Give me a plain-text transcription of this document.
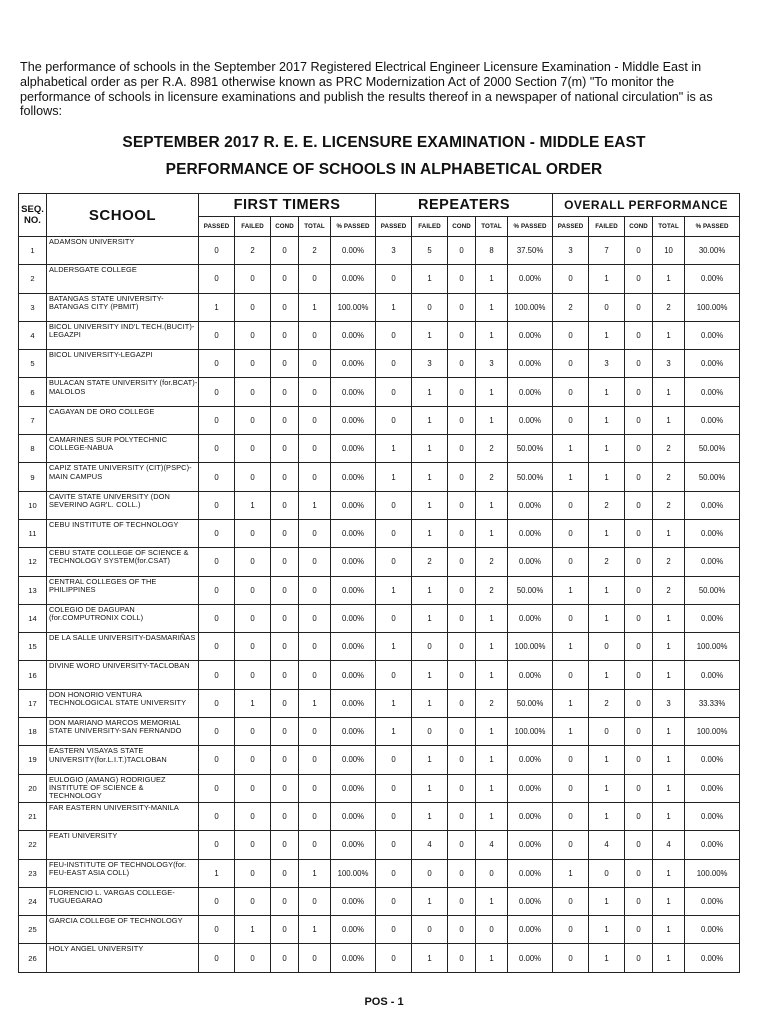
The performance of schools in the September 2017 Registered Electrical Engineer Licensure Examination - Middle East in alphabetical order as per R.A. 8981 otherwise known as PRC Modernization Act of 2000 Section 7(m) "To monitor the performance of schools in licensure examinations and publish the results thereof in a newspaper of national circulation" is as follows:
SEPTEMBER 2017 R. E. E. LICENSURE EXAMINATION - MIDDLE EAST
PERFORMANCE OF SCHOOLS IN ALPHABETICAL ORDER
SEQ.
NO.	SCHOOL	FIRST TIMERS					REPEATERS					OVERALL PERFORMANCE				
		PASSED	FAILED	COND	TOTAL	% PASSED	PASSED	FAILED	COND	TOTAL	% PASSED	PASSED	FAILED	COND	TOTAL	% PASSED
1	ADAMSON UNIVERSITY	0	2	0	2	0.00%	3	5	0	8	37.50%	3	7	0	10	30.00%
2	ALDERSGATE COLLEGE	0	0	0	0	0.00%	0	1	0	1	0.00%	0	1	0	1	0.00%
3	BATANGAS STATE UNIVERSITY-BATANGAS CITY (PBMIT)	1	0	0	1	100.00%	1	0	0	1	100.00%	2	0	0	2	100.00%
4	BICOL UNIVERSITY IND'L TECH.(BUCIT)-LEGAZPI	0	0	0	0	0.00%	0	1	0	1	0.00%	0	1	0	1	0.00%
5	BICOL UNIVERSITY-LEGAZPI	0	0	0	0	0.00%	0	3	0	3	0.00%	0	3	0	3	0.00%
6	BULACAN STATE UNIVERSITY (for.BCAT)-MALOLOS	0	0	0	0	0.00%	0	1	0	1	0.00%	0	1	0	1	0.00%
7	CAGAYAN DE ORO COLLEGE	0	0	0	0	0.00%	0	1	0	1	0.00%	0	1	0	1	0.00%
8	CAMARINES SUR POLYTECHNIC COLLEGE-NABUA	0	0	0	0	0.00%	1	1	0	2	50.00%	1	1	0	2	50.00%
9	CAPIZ STATE UNIVERSITY (CIT)(PSPC)-MAIN CAMPUS	0	0	0	0	0.00%	1	1	0	2	50.00%	1	1	0	2	50.00%
10	CAVITE STATE UNIVERSITY (DON SEVERINO AGR'L. COLL.)	0	1	0	1	0.00%	0	1	0	1	0.00%	0	2	0	2	0.00%
11	CEBU INSTITUTE OF TECHNOLOGY	0	0	0	0	0.00%	0	1	0	1	0.00%	0	1	0	1	0.00%
12	CEBU STATE COLLEGE OF SCIENCE & TECHNOLOGY SYSTEM(for.CSAT)	0	0	0	0	0.00%	0	2	0	2	0.00%	0	2	0	2	0.00%
13	CENTRAL COLLEGES OF THE PHILIPPINES	0	0	0	0	0.00%	1	1	0	2	50.00%	1	1	0	2	50.00%
14	COLEGIO DE DAGUPAN (for.COMPUTRONIX COLL)	0	0	0	0	0.00%	0	1	0	1	0.00%	0	1	0	1	0.00%
15	DE LA SALLE UNIVERSITY-DASMARIÑAS	0	0	0	0	0.00%	1	0	0	1	100.00%	1	0	0	1	100.00%
16	DIVINE WORD UNIVERSITY-TACLOBAN	0	0	0	0	0.00%	0	1	0	1	0.00%	0	1	0	1	0.00%
17	DON HONORIO VENTURA TECHNOLOGICAL STATE UNIVERSITY	0	1	0	1	0.00%	1	1	0	2	50.00%	1	2	0	3	33.33%
18	DON MARIANO MARCOS MEMORIAL STATE UNIVERSITY-SAN FERNANDO	0	0	0	0	0.00%	1	0	0	1	100.00%	1	0	0	1	100.00%
19	EASTERN VISAYAS STATE UNIVERSITY(for.L.I.T.)TACLOBAN	0	0	0	0	0.00%	0	1	0	1	0.00%	0	1	0	1	0.00%
20	EULOGIO (AMANG) RODRIGUEZ INSTITUTE OF SCIENCE & TECHNOLOGY	0	0	0	0	0.00%	0	1	0	1	0.00%	0	1	0	1	0.00%
21	FAR EASTERN UNIVERSITY-MANILA	0	0	0	0	0.00%	0	1	0	1	0.00%	0	1	0	1	0.00%
22	FEATI UNIVERSITY	0	0	0	0	0.00%	0	4	0	4	0.00%	0	4	0	4	0.00%
23	FEU-INSTITUTE OF TECHNOLOGY(for. FEU-EAST ASIA COLL)	1	0	0	1	100.00%	0	0	0	0	0.00%	1	0	0	1	100.00%
24	FLORENCIO L. VARGAS COLLEGE-TUGUEGARAO	0	0	0	0	0.00%	0	1	0	1	0.00%	0	1	0	1	0.00%
25	GARCIA COLLEGE OF TECHNOLOGY	0	1	0	1	0.00%	0	0	0	0	0.00%	0	1	0	1	0.00%
26	HOLY ANGEL UNIVERSITY	0	0	0	0	0.00%	0	1	0	1	0.00%	0	1	0	1	0.00%
POS - 1
